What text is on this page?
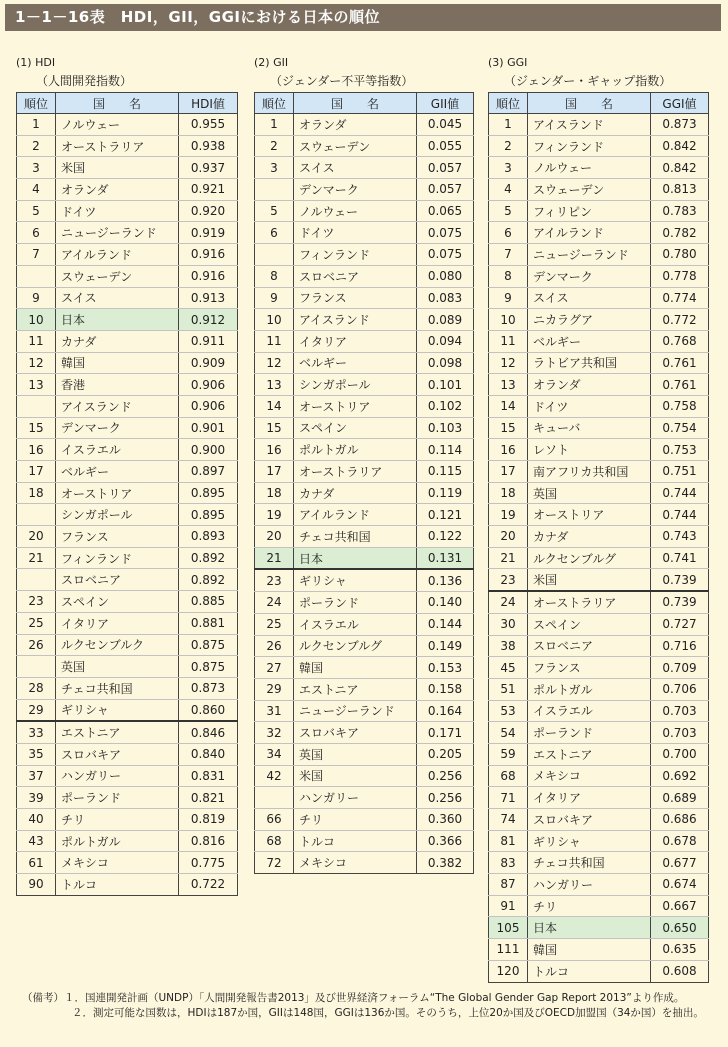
1－1－16表　HDI，GII，GGIにおける日本の順位
(1) HDI
（人間開発指数）
順位	国　　名	HDI値
1	ノルウェー	0.955
2	オーストラリア	0.938
3	米国	0.937
4	オランダ	0.921
5	ドイツ	0.920
6	ニュージーランド	0.919
7	アイルランド	0.916
	スウェーデン	0.916
9	スイス	0.913
10	日本	0.912
11	カナダ	0.911
12	韓国	0.909
13	香港	0.906
	アイスランド	0.906
15	デンマーク	0.901
16	イスラエル	0.900
17	ベルギー	0.897
18	オーストリア	0.895
	シンガポール	0.895
20	フランス	0.893
21	フィンランド	0.892
	スロベニア	0.892
23	スペイン	0.885
25	イタリア	0.881
26	ルクセンブルク	0.875
	英国	0.875
28	チェコ共和国	0.873
29	ギリシャ	0.860
33	エストニア	0.846
35	スロバキア	0.840
37	ハンガリー	0.831
39	ポーランド	0.821
40	チリ	0.819
43	ポルトガル	0.816
61	メキシコ	0.775
90	トルコ	0.722
(2) GII
（ジェンダー不平等指数）
順位	国　　名	GII値
1	オランダ	0.045
2	スウェーデン	0.055
3	スイス	0.057
	デンマーク	0.057
5	ノルウェー	0.065
6	ドイツ	0.075
	フィンランド	0.075
8	スロベニア	0.080
9	フランス	0.083
10	アイスランド	0.089
11	イタリア	0.094
12	ベルギー	0.098
13	シンガポール	0.101
14	オーストリア	0.102
15	スペイン	0.103
16	ポルトガル	0.114
17	オーストラリア	0.115
18	カナダ	0.119
19	アイルランド	0.121
20	チェコ共和国	0.122
21	日本	0.131
23	ギリシャ	0.136
24	ポーランド	0.140
25	イスラエル	0.144
26	ルクセンブルグ	0.149
27	韓国	0.153
29	エストニア	0.158
31	ニュージーランド	0.164
32	スロバキア	0.171
34	英国	0.205
42	米国	0.256
	ハンガリー	0.256
66	チリ	0.360
68	トルコ	0.366
72	メキシコ	0.382
(3) GGI
（ジェンダー・ギャップ指数）
順位	国　　名	GGI値
1	アイスランド	0.873
2	フィンランド	0.842
3	ノルウェー	0.842
4	スウェーデン	0.813
5	フィリピン	0.783
6	アイルランド	0.782
7	ニュージーランド	0.780
8	デンマーク	0.778
9	スイス	0.774
10	ニカラグア	0.772
11	ベルギー	0.768
12	ラトビア共和国	0.761
13	オランダ	0.761
14	ドイツ	0.758
15	キューバ	0.754
16	レソト	0.753
17	南アフリカ共和国	0.751
18	英国	0.744
19	オーストリア	0.744
20	カナダ	0.743
21	ルクセンブルグ	0.741
23	米国	0.739
24	オーストラリア	0.739
30	スペイン	0.727
38	スロベニア	0.716
45	フランス	0.709
51	ポルトガル	0.706
53	イスラエル	0.703
54	ポーランド	0.703
59	エストニア	0.700
68	メキシコ	0.692
71	イタリア	0.689
74	スロバキア	0.686
81	ギリシャ	0.678
83	チェコ共和国	0.677
87	ハンガリー	0.674
91	チリ	0.667
105	日本	0.650
111	韓国	0.635
120	トルコ	0.608
（備考）１．国連開発計画（UNDP）「人間開発報告書2013」及び世界経済フォーラム“The Global Gender Gap Report 2013”より作成。
２．測定可能な国数は，HDIは187か国，GIIは148国，GGIは136か国。そのうち，上位20か国及びOECD加盟国（34か国）を抽出。
